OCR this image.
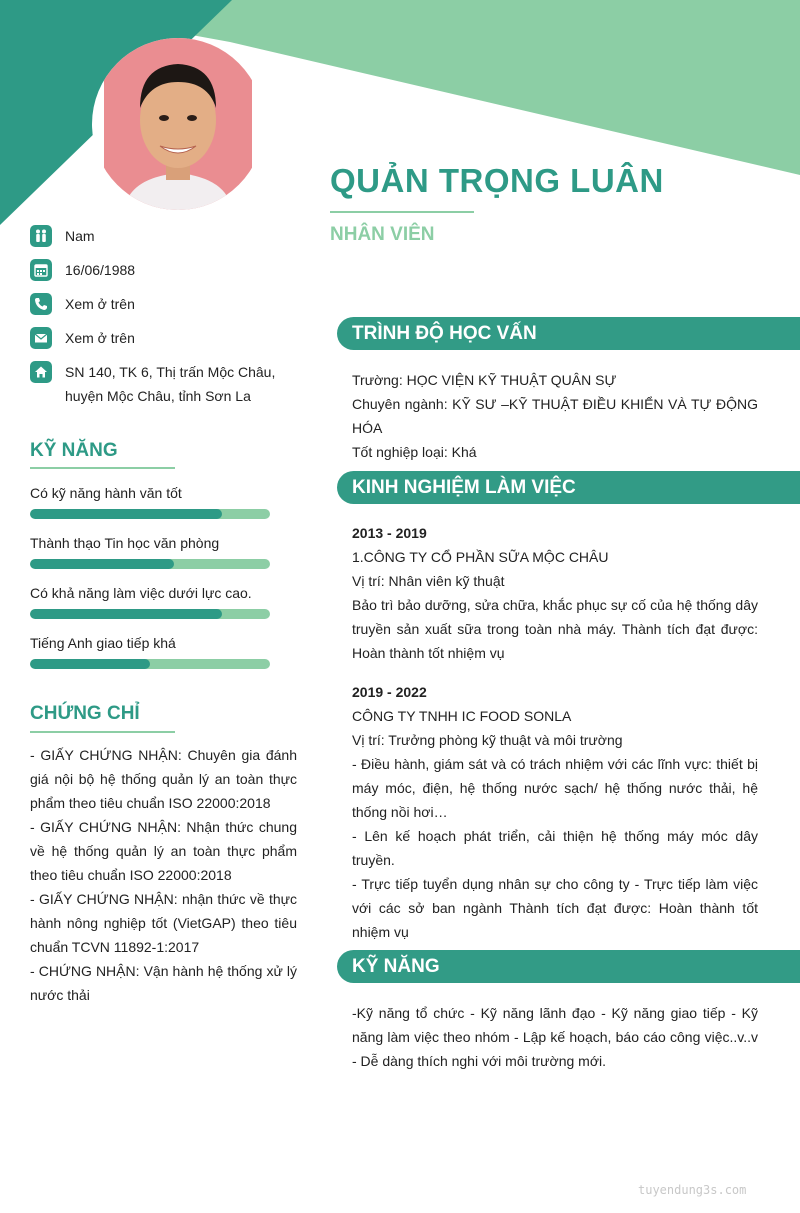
QUẢN TRỌNG LUÂN
NHÂN VIÊN
Nam
16/06/1988
Xem ở trên
Xem ở trên
SN 140, TK 6, Thị trấn Mộc Châu, huyện Mộc Châu, tỉnh Sơn La
KỸ NĂNG
Có kỹ năng hành văn tốt
Thành thạo Tin học văn phòng
Có khả năng làm việc dưới lực cao.
Tiếng Anh giao tiếp khá
CHỨNG CHỈ
- GIẤY CHỨNG NHẬN: Chuyên gia đánh giá nội bộ hệ thống quản lý an toàn thực phẩm theo tiêu chuẩn ISO 22000:2018
- GIẤY CHỨNG NHẬN: Nhận thức chung về hệ thống quản lý an toàn thực phẩm theo tiêu chuẩn ISO 22000:2018
- GIẤY CHỨNG NHẬN: nhận thức về thực hành nông nghiệp tốt (VietGAP) theo tiêu chuẩn TCVN 11892-1:2017
- CHỨNG NHẬN: Vận hành hệ thống xử lý nước thải
TRÌNH ĐỘ HỌC VẤN
Trường: HỌC VIỆN KỸ THUẬT QUÂN SỰ
Chuyên ngành: KỸ SƯ –KỸ THUẬT ĐIỀU KHIỂN VÀ TỰ ĐỘNG HÓA
Tốt nghiệp loại: Khá
KINH NGHIỆM LÀM VIỆC
2013 - 2019
1.CÔNG TY CỔ PHẦN SỮA MỘC CHÂU
Vị trí: Nhân viên kỹ thuật
Bảo trì bảo dưỡng, sửa chữa, khắc phục sự cố của hệ thống dây truyền sản xuất sữa trong toàn nhà máy. Thành tích đạt được: Hoàn thành tốt nhiệm vụ
2019 - 2022
CÔNG TY TNHH IC FOOD SONLA
Vị trí: Trưởng phòng kỹ thuật và môi trường
- Điều hành, giám sát và có trách nhiệm với các lĩnh vực: thiết bị máy móc, điện, hệ thống nước sạch/ hệ thống nước thải, hệ thống nồi hơi…
- Lên kế hoạch phát triển, cải thiện hệ thống máy móc dây truyền.
- Trực tiếp tuyển dụng nhân sự cho công ty - Trực tiếp làm việc với các sở ban ngành Thành tích đạt được: Hoàn thành tốt nhiệm vụ
KỸ NĂNG
-Kỹ năng tổ chức - Kỹ năng lãnh đạo - Kỹ năng giao tiếp - Kỹ năng làm việc theo nhóm - Lập kế hoạch, báo cáo công việc..v..v - Dễ dàng thích nghi với môi trường mới.
tuyendung3s.com
